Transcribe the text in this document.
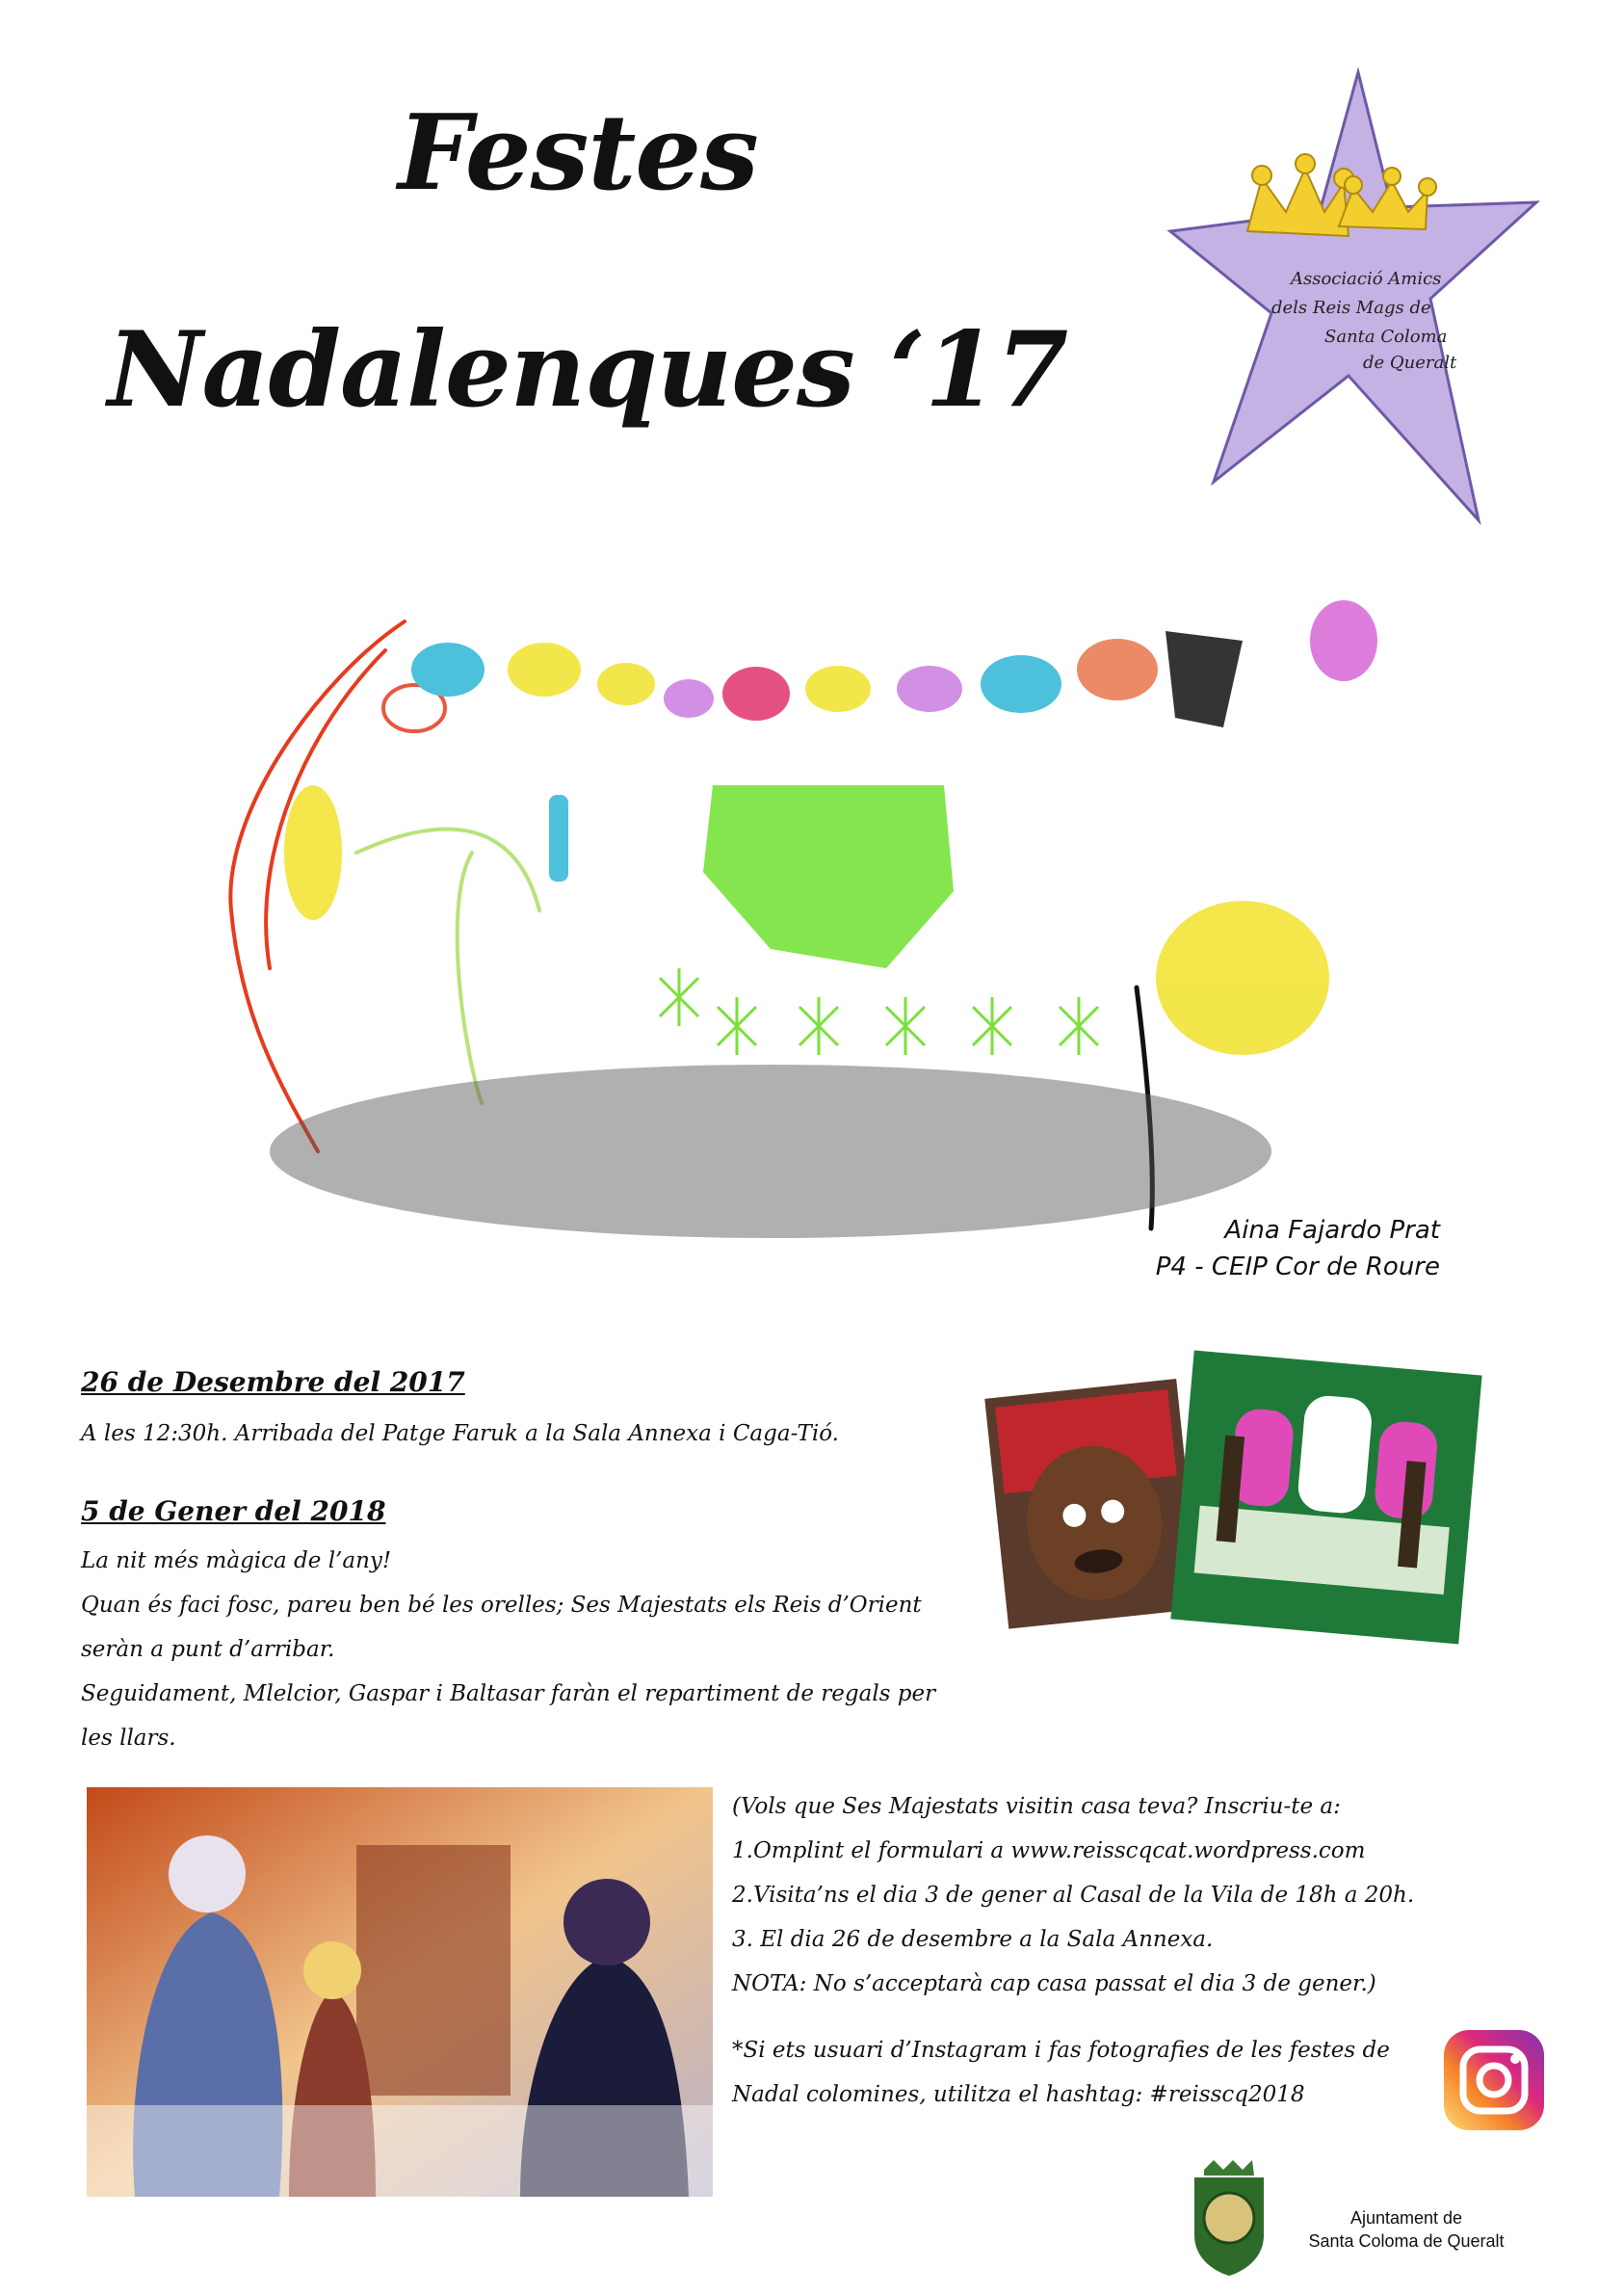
Festes
Nadalenques ‘17
Associació Amics
dels Reis Mags de
Santa Coloma
de Queralt
Aina Fajardo Prat
P4 - CEIP Cor de Roure
26 de Desembre del 2017
A les 12:30h. Arribada del Patge Faruk a la Sala Annexa i Caga-Tió.
5 de Gener del 2018
La nit més màgica de l’any!
Quan és faci fosc, pareu ben bé les orelles; Ses Majestats els Reis d’Orient
seràn a punt d’arribar.
Seguidament, Mlelcior, Gaspar i Baltasar faràn el repartiment de regals per
les llars.
(Vols que Ses Majestats visitin casa teva? Inscriu-te a:
1.Omplint el formulari a www.reisscqcat.wordpress.com
2.Visita’ns el dia 3 de gener al Casal de la Vila de 18h a 20h.
3. El dia 26 de desembre a la Sala Annexa.
NOTA: No s’acceptarà cap casa passat el dia 3 de gener.)
*Si ets usuari d’Instagram i fas fotografies de les festes de
Nadal colomines, utilitza el hashtag: #reisscq2018
Ajuntament de
Santa Coloma de Queralt
